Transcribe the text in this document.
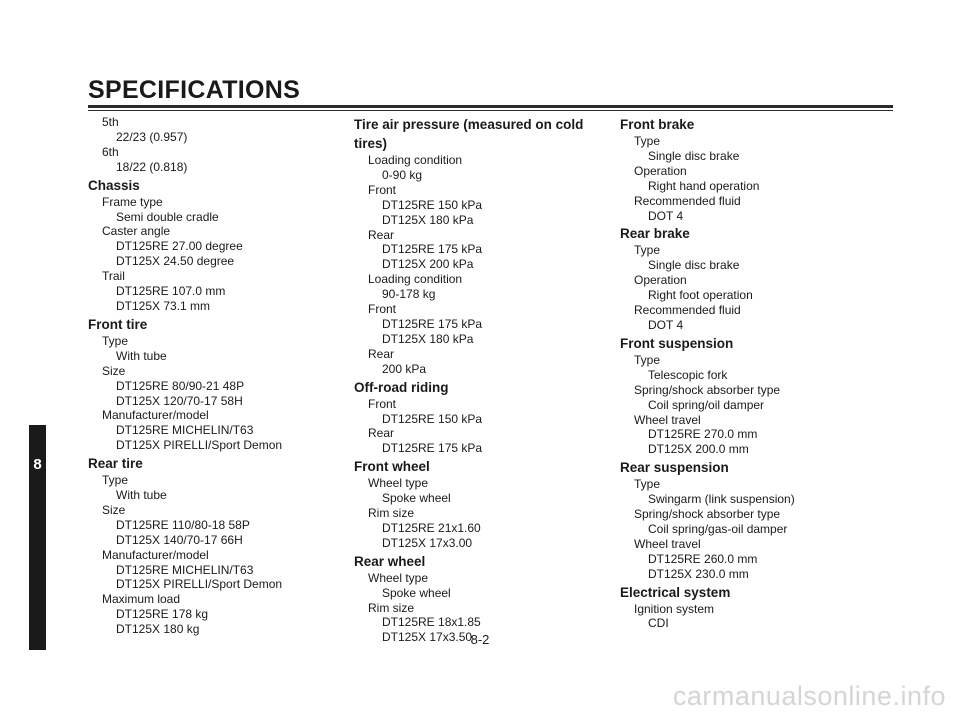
SPECIFICATIONS
8
5th
22/23 (0.957)
6th
18/22 (0.818)
Chassis
Frame type
Semi double cradle
Caster angle
DT125RE 27.00 degree
DT125X 24.50 degree
Trail
DT125RE 107.0 mm
DT125X 73.1 mm
Front tire
Type
With tube
Size
DT125RE 80/90-21 48P
DT125X 120/70-17 58H
Manufacturer/model
DT125RE MICHELIN/T63
DT125X PIRELLI/Sport Demon
Rear tire
Type
With tube
Size
DT125RE 110/80-18 58P
DT125X 140/70-17 66H
Manufacturer/model
DT125RE MICHELIN/T63
DT125X PIRELLI/Sport Demon
Maximum load
DT125RE 178 kg
DT125X 180 kg
Tire air pressure (measured on cold tires)
Loading condition
0-90 kg
Front
DT125RE 150 kPa
DT125X 180 kPa
Rear
DT125RE 175 kPa
DT125X 200 kPa
Loading condition
90-178 kg
Front
DT125RE 175 kPa
DT125X 180 kPa
Rear
200 kPa
Off-road riding
Front
DT125RE 150 kPa
Rear
DT125RE 175 kPa
Front wheel
Wheel type
Spoke wheel
Rim size
DT125RE 21x1.60
DT125X 17x3.00
Rear wheel
Wheel type
Spoke wheel
Rim size
DT125RE 18x1.85
DT125X 17x3.50
Front brake
Type
Single disc brake
Operation
Right hand operation
Recommended fluid
DOT 4
Rear brake
Type
Single disc brake
Operation
Right foot operation
Recommended fluid
DOT 4
Front suspension
Type
Telescopic fork
Spring/shock absorber type
Coil spring/oil damper
Wheel travel
DT125RE 270.0 mm
DT125X 200.0 mm
Rear suspension
Type
Swingarm (link suspension)
Spring/shock absorber type
Coil spring/gas-oil damper
Wheel travel
DT125RE 260.0 mm
DT125X 230.0 mm
Electrical system
Ignition system
CDI
8-2
carmanualsonline.info
